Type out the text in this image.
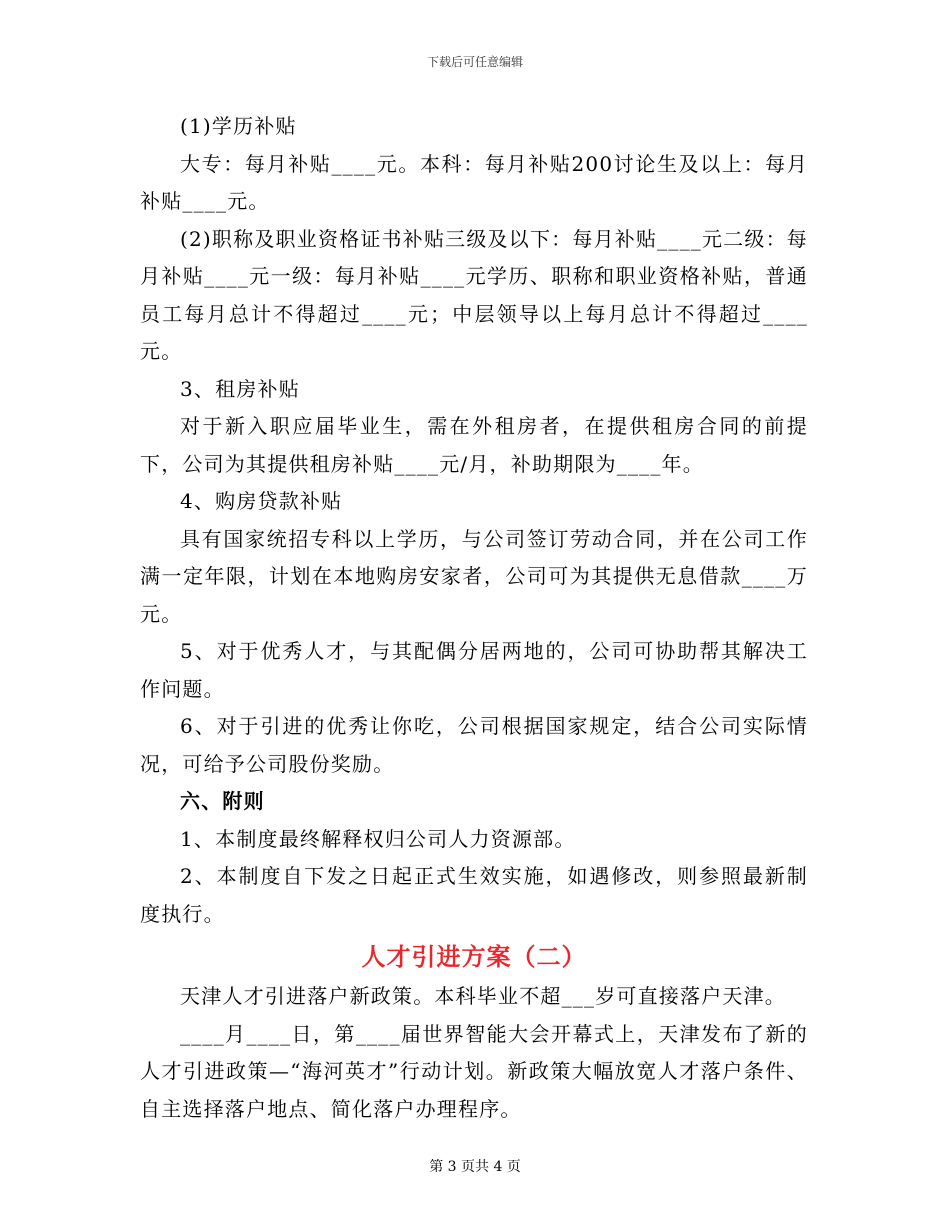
下载后可任意编辑

(1)学历补贴

大专：每月补贴____元。本科：每月补贴200讨论生及以上：每月补贴____元。

(2)职称及职业资格证书补贴三级及以下：每月补贴____元二级：每月补贴____元一级：每月补贴____元学历、职称和职业资格补贴，普通员工每月总计不得超过____元；中层领导以上每月总计不得超过____元。

3、租房补贴

对于新入职应届毕业生，需在外租房者，在提供租房合同的前提下，公司为其提供租房补贴____元/月，补助期限为____年。

4、购房贷款补贴

具有国家统招专科以上学历，与公司签订劳动合同，并在公司工作满一定年限，计划在本地购房安家者，公司可为其提供无息借款____万元。

5、对于优秀人才，与其配偶分居两地的，公司可协助帮其解决工作问题。

6、对于引进的优秀让你吃，公司根据国家规定，结合公司实际情况，可给予公司股份奖励。

六、附则

1、本制度最终解释权归公司人力资源部。

2、本制度自下发之日起正式生效实施，如遇修改，则参照最新制度执行。

人才引进方案（二）

天津人才引进落户新政策。本科毕业不超___岁可直接落户天津。

____月____日，第____届世界智能大会开幕式上，天津发布了新的人才引进政策—“海河英才”行动计划。新政策大幅放宽人才落户条件、自主选择落户地点、简化落户办理程序。

第 3 页共 4 页
